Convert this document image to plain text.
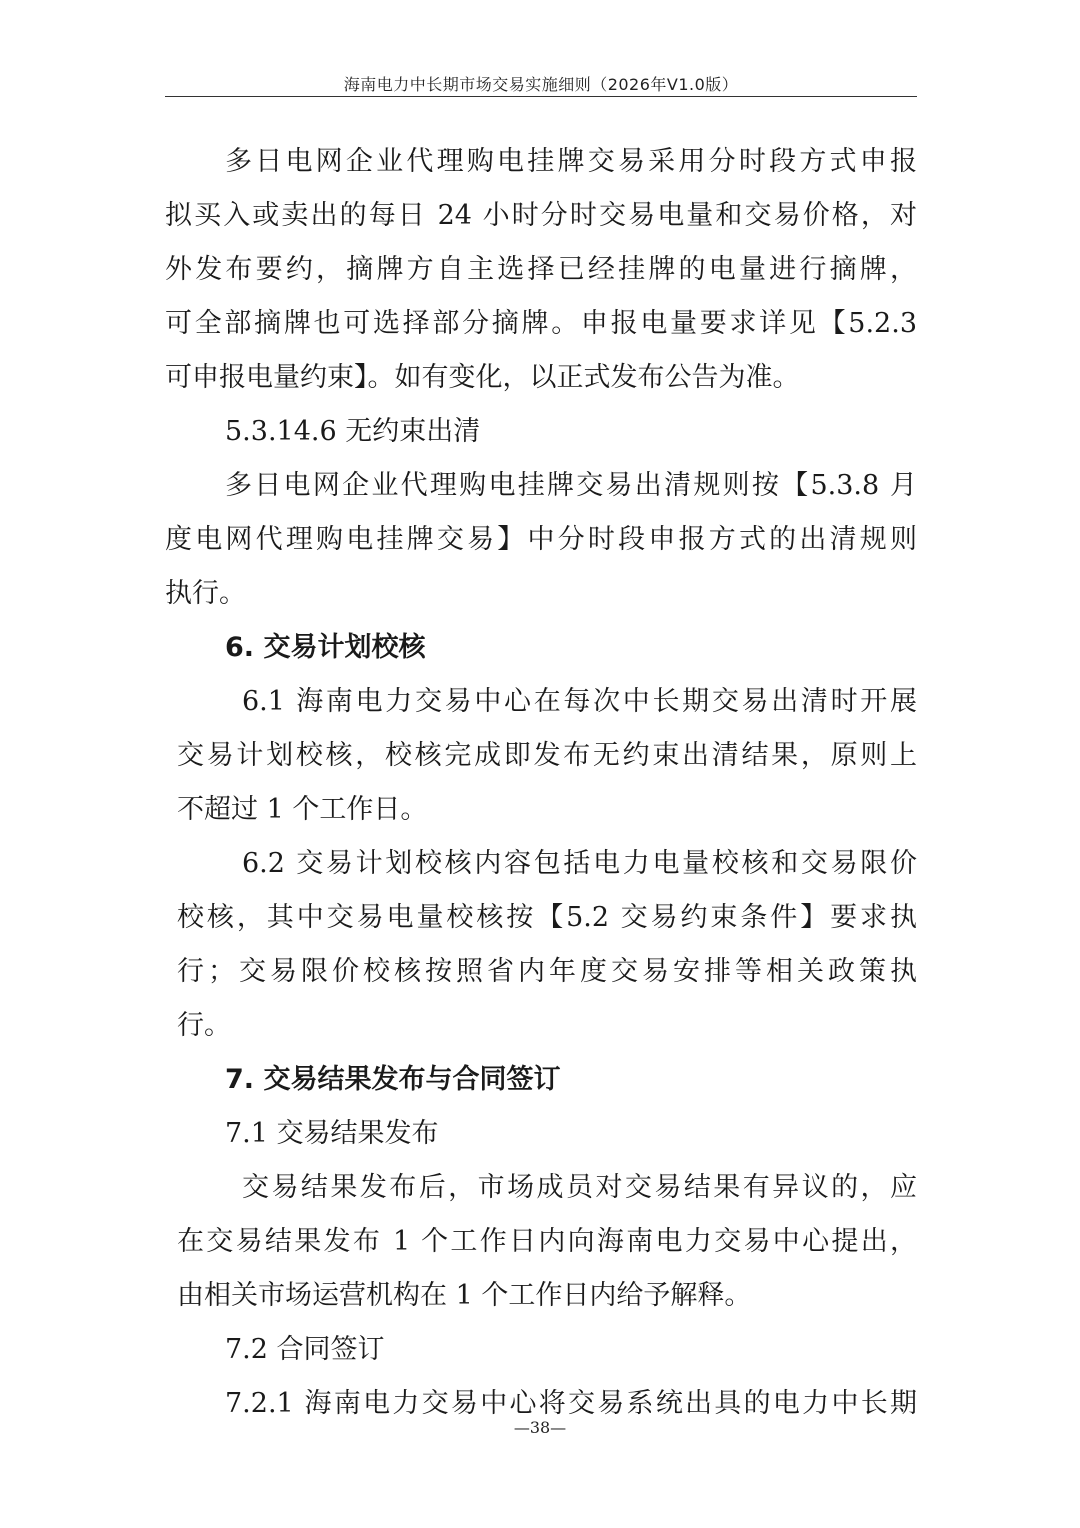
海南电力中长期市场交易实施细则（2026年V1.0版）
多日电网企业代理购电挂牌交易采用分时段方式申报
拟买入或卖出的每日 24 小时分时交易电量和交易价格，对
外发布要约，摘牌方自主选择已经挂牌的电量进行摘牌，
可全部摘牌也可选择部分摘牌。申报电量要求详见【5.2.3
可申报电量约束】。如有变化，以正式发布公告为准。
5.3.14.6 无约束出清
多日电网企业代理购电挂牌交易出清规则按【5.3.8 月
度电网代理购电挂牌交易】中分时段申报方式的出清规则
执行。
6. 交易计划校核
6.1 海南电力交易中心在每次中长期交易出清时开展
交易计划校核，校核完成即发布无约束出清结果，原则上
不超过 1 个工作日。
6.2 交易计划校核内容包括电力电量校核和交易限价
校核，其中交易电量校核按【5.2 交易约束条件】要求执
行；交易限价校核按照省内年度交易安排等相关政策执
行。
7. 交易结果发布与合同签订
7.1 交易结果发布
交易结果发布后，市场成员对交易结果有异议的，应
在交易结果发布 1 个工作日内向海南电力交易中心提出，
由相关市场运营机构在 1 个工作日内给予解释。
7.2 合同签订
7.2.1 海南电力交易中心将交易系统出具的电力中长期
—38—
